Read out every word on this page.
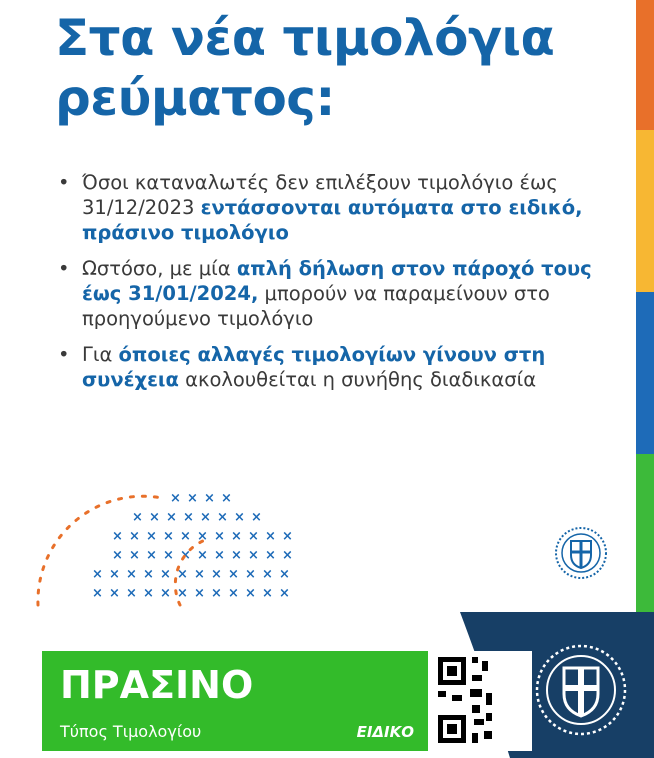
Στα νέα τιμολόγια
ρεύματος:
• Όσοι καταναλωτές δεν επιλέξουν τιμολόγιο έως 31/12/2023 εντάσσονται αυτόματα στο ειδικό, πράσινο τιμολόγιο
• Ωστόσο, με μία απλή δήλωση στον πάροχό τους έως 31/01/2024, μπορούν να παραμείνουν στο προηγούμενο τιμολόγιο
• Για όποιες αλλαγές τιμολογίων γίνουν στη συνέχεια ακολουθείται η συνήθης διαδικασία
× × × ×
× × × × × × × ×
× × × × × × × × × × ×
× × × × × × × × × × ×
× × × × × × × × × × × ×
× × × × × × × × × × × ×
ΠΡΑΣΙΝΟ
Τύπος Τιμολογίου	ΕΙΔΙΚΟ
